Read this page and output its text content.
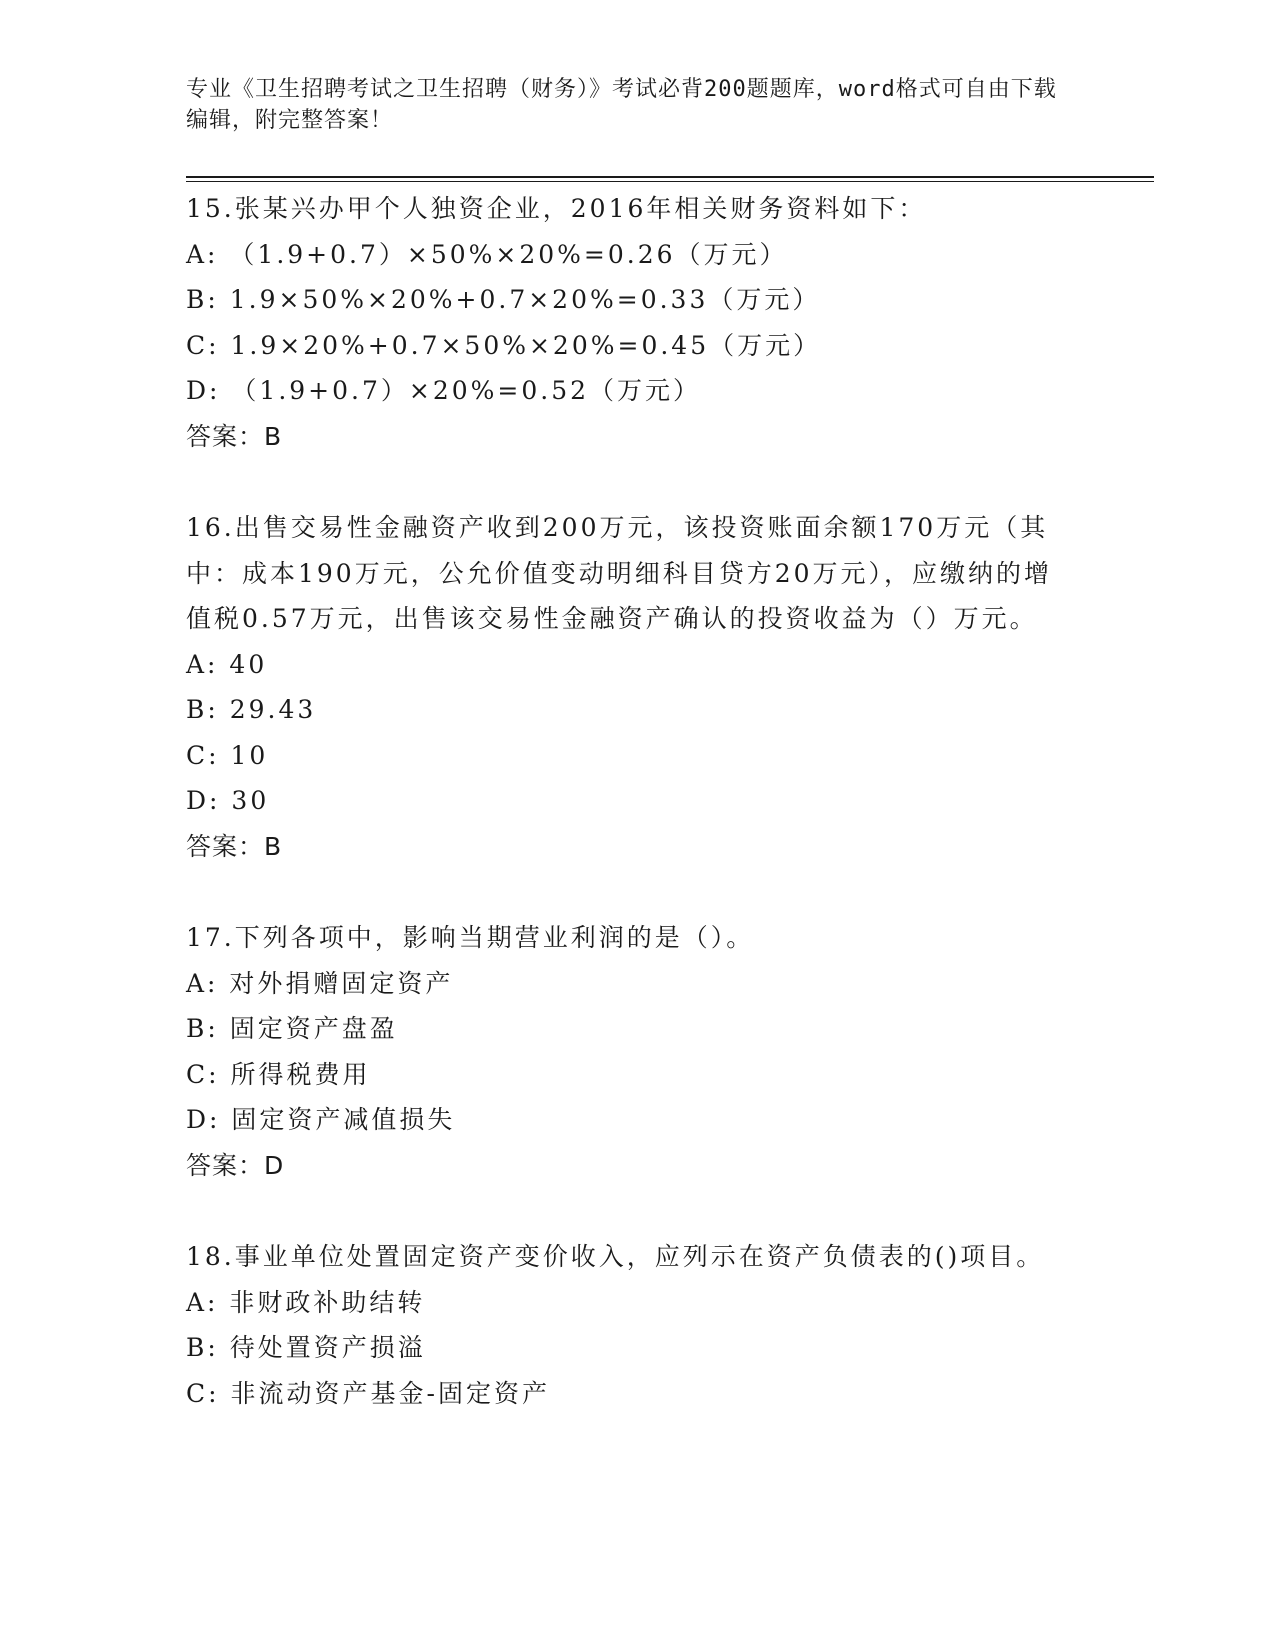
专业《卫生招聘考试之卫生招聘（财务）》考试必背200题题库，word格式可自由下载编辑，附完整答案！
15.张某兴办甲个人独资企业，2016年相关财务资料如下：
A: （1.9+0.7）×50%×20%=0.26（万元）
B: 1.9×50%×20%+0.7×20%=0.33（万元）
C: 1.9×20%+0.7×50%×20%=0.45（万元）
D: （1.9+0.7）×20%=0.52（万元）
答案：B
16.出售交易性金融资产收到200万元，该投资账面余额170万元（其中：成本190万元，公允价值变动明细科目贷方20万元），应缴纳的增值税0.57万元，出售该交易性金融资产确认的投资收益为（）万元。
A: 40
B: 29.43
C: 10
D: 30
答案：B
17.下列各项中，影响当期营业利润的是（）。
A: 对外捐赠固定资产
B: 固定资产盘盈
C: 所得税费用
D: 固定资产减值损失
答案：D
18.事业单位处置固定资产变价收入，应列示在资产负债表的()项目。
A: 非财政补助结转
B: 待处置资产损溢
C: 非流动资产基金-固定资产
